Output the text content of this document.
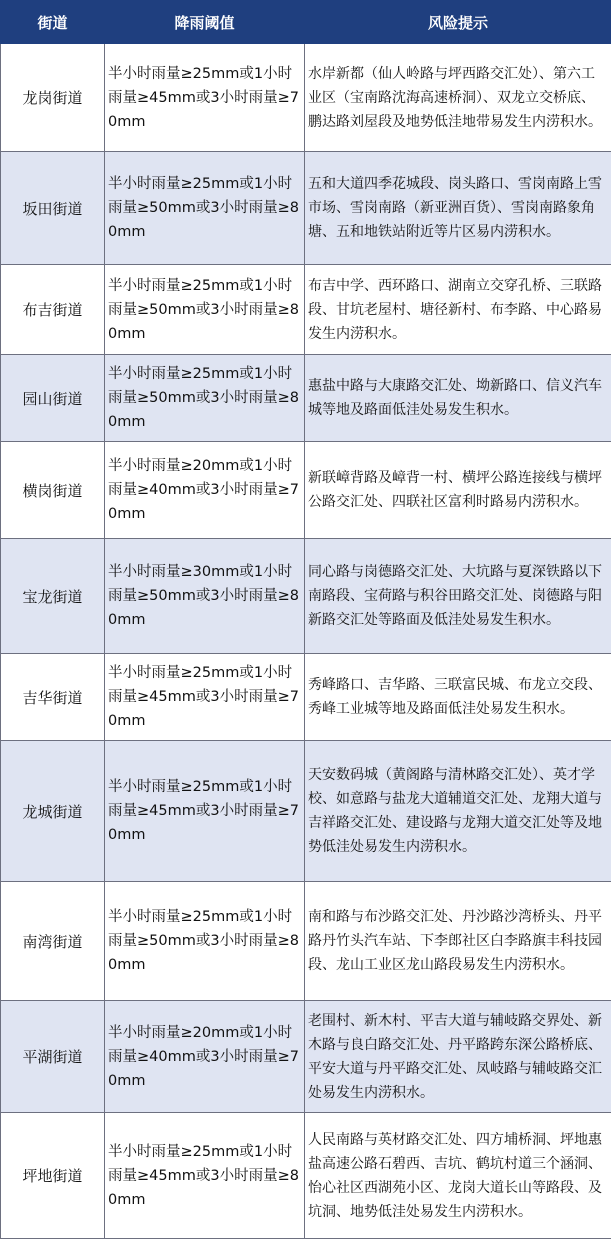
街道	降雨阈值	风险提示
龙岗街道	半小时雨量≥25mm或1小时雨量≥45mm或3小时雨量≥70mm	水岸新都（仙人岭路与坪西路交汇处）、第六工业区（宝南路沈海高速桥洞）、双龙立交桥底、鹏达路刘屋段及地势低洼地带易发生内涝积水。
坂田街道	半小时雨量≥25mm或1小时雨量≥50mm或3小时雨量≥80mm	五和大道四季花城段、岗头路口、雪岗南路上雪市场、雪岗南路（新亚洲百货）、雪岗南路象角塘、五和地铁站附近等片区易内涝积水。
布吉街道	半小时雨量≥25mm或1小时雨量≥50mm或3小时雨量≥80mm	布吉中学、西环路口、湖南立交穿孔桥、三联路段、甘坑老屋村、塘径新村、布李路、中心路易发生内涝积水。
园山街道	半小时雨量≥25mm或1小时雨量≥50mm或3小时雨量≥80mm	惠盐中路与大康路交汇处、坳新路口、信义汽车城等地及路面低洼处易发生积水。
横岗街道	半小时雨量≥20mm或1小时雨量≥40mm或3小时雨量≥70mm	新联嶂背路及嶂背一村、横坪公路连接线与横坪公路交汇处、四联社区富利时路易内涝积水。
宝龙街道	半小时雨量≥30mm或1小时雨量≥50mm或3小时雨量≥80mm	同心路与岗德路交汇处、大坑路与夏深铁路以下南路段、宝荷路与积谷田路交汇处、岗德路与阳新路交汇处等路面及低洼处易发生积水。
吉华街道	半小时雨量≥25mm或1小时雨量≥45mm或3小时雨量≥70mm	秀峰路口、吉华路、三联富民城、布龙立交段、秀峰工业城等地及路面低洼处易发生积水。
龙城街道	半小时雨量≥25mm或1小时雨量≥45mm或3小时雨量≥70mm	天安数码城（黄阁路与清林路交汇处）、英才学校、如意路与盐龙大道辅道交汇处、龙翔大道与吉祥路交汇处、建设路与龙翔大道交汇处等及地势低洼处易发生内涝积水。
南湾街道	半小时雨量≥25mm或1小时雨量≥50mm或3小时雨量≥80mm	南和路与布沙路交汇处、丹沙路沙湾桥头、丹平路丹竹头汽车站、下李郎社区白李路旗丰科技园段、龙山工业区龙山路段易发生内涝积水。
平湖街道	半小时雨量≥20mm或1小时雨量≥40mm或3小时雨量≥70mm	老围村、新木村、平吉大道与辅岐路交界处、新木路与良白路交汇处、丹平路跨东深公路桥底、平安大道与丹平路交汇处、凤岐路与辅岐路交汇处易发生内涝积水。
坪地街道	半小时雨量≥25mm或1小时雨量≥45mm或3小时雨量≥80mm	人民南路与英材路交汇处、四方埔桥洞、坪地惠盐高速公路石碧西、吉坑、鹤坑村道三个涵洞、怡心社区西湖苑小区、龙岗大道长山等路段、及坑洞、地势低洼处易发生内涝积水。
